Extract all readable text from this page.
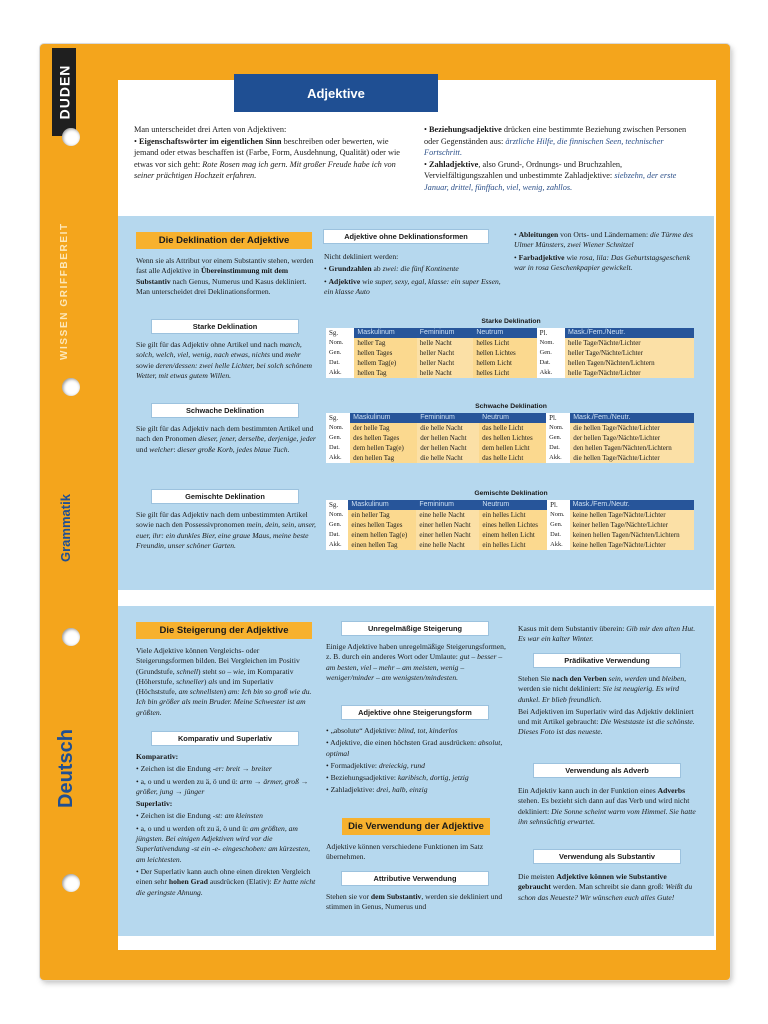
DUDEN
WISSEN GRIFFBEREIT
Grammatik
Deutsch
Adjektive
Man unterscheidet drei Arten von Adjektiven:
• Eigenschaftswörter im eigentlichen Sinn beschreiben oder bewerten, wie jemand oder etwas beschaffen ist (Farbe, Form, Ausdehnung, Qualität) oder wie etwas vor sich geht: Rote Rosen mag ich gern. Mit großer Freude habe ich von seiner prächtigen Hochzeit erfahren.
• Beziehungsadjektive drücken eine bestimmte Beziehung zwischen Personen oder Gegenständen aus: ärztliche Hilfe, die finnischen Seen, technischer Fortschritt.
• Zahladjektive, also Grund-, Ordnungs- und Bruchzahlen, Vervielfältigungszahlen und unbestimmte Zahladjektive: siebzehn, der erste Januar, drittel, fünffach, viel, wenig, zahllos.
Die Deklination der Adjektive
Wenn sie als Attribut vor einem Substantiv stehen, werden fast alle Adjektive in Übereinstimmung mit dem Substantiv nach Genus, Numerus und Kasus dekliniert. Man unterscheidet drei Deklinationsformen.
Adjektive ohne Deklinationsformen

Nicht dekliniert werden:

• Grundzahlen ab zwei: die fünf Kontinente

• Adjektive wie super, sexy, egal, klasse: ein super Essen, ein klasse Auto

• Ableitungen von Orts- und Ländernamen: die Türme des Ulmer Münsters, zwei Wiener Schnitzel

• Farbadjektive wie rosa, lila: Das Geburtstagsgeschenk war in rosa Geschenkpapier gewickelt.

Starke Deklination
Sie gilt für das Adjektiv ohne Artikel und nach manch, solch, welch, viel, wenig, nach etwas, nichts und mehr sowie deren/dessen: zwei helle Lichter, bei solch schönem Wetter, mit etwas gutem Willen.
Starke Deklination
Sg.	Maskulinum	Femininum	Neutrum	Pl.	Mask./Fem./Neutr.
Nom.	heller Tag	helle Nacht	helles Licht	Nom.	helle Tage/Nächte/Lichter
Gen.	hellen Tages	heller Nacht	hellen Lichtes	Gen.	heller Tage/Nächte/Lichter
Dat.	hellem Tag(e)	heller Nacht	hellem Licht	Dat.	hellen Tagen/Nächten/Lichtern
Akk.	hellen Tag	helle Nacht	helles Licht	Akk.	helle Tage/Nächte/Lichter
Schwache Deklination
Sie gilt für das Adjektiv nach dem bestimmten Artikel und nach den Pronomen dieser, jener, derselbe, derjenige, jeder und welcher: dieser große Korb, jedes blaue Tuch.
Schwache Deklination
Sg.	Maskulinum	Femininum	Neutrum	Pl.	Mask./Fem./Neutr.
Nom.	der helle Tag	die helle Nacht	das helle Licht	Nom.	die hellen Tage/Nächte/Lichter
Gen.	des hellen Tages	der hellen Nacht	des hellen Lichtes	Gen.	der hellen Tage/Nächte/Lichter
Dat.	dem hellen Tag(e)	der hellen Nacht	dem hellen Licht	Dat.	den hellen Tagen/Nächten/Lichtern
Akk.	den hellen Tag	die helle Nacht	das helle Licht	Akk.	die hellen Tage/Nächte/Lichter
Gemischte Deklination
Sie gilt für das Adjektiv nach dem unbestimmten Artikel sowie nach den Possessivpronomen mein, dein, sein, unser, euer, ihr: ein dunkles Bier, eine graue Maus, meine beste Freundin, unser schöner Garten.
Gemischte Deklination
Sg.	Maskulinum	Femininum	Neutrum	Pl.	Mask./Fem./Neutr.
Nom.	ein heller Tag	eine helle Nacht	ein helles Licht	Nom.	keine hellen Tage/Nächte/Lichter
Gen.	eines hellen Tages	einer hellen Nacht	eines hellen Lichtes	Gen.	keiner hellen Tage/Nächte/Lichter
Dat.	einem hellen Tag(e)	einer hellen Nacht	einem hellen Licht	Dat.	keinen hellen Tagen/Nächten/Lichtern
Akk.	einen hellen Tag	eine helle Nacht	ein helles Licht	Akk.	keine hellen Tage/Nächte/Lichter
Die Steigerung der Adjektive
Viele Adjektive können Vergleichs- oder Steigerungsformen bilden. Bei Vergleichen im Positiv (Grundstufe, schnell) steht so – wie, im Komparativ (Höherstufe, schneller) als und im Superlativ (Höchststufe, am schnellsten) am: Ich bin so groß wie du. Ich bin größer als mein Bruder. Meine Schwester ist am größten.
Komparativ und Superlativ

Komparativ:

• Zeichen ist die Endung -er: breit → breiter

• a, o und u werden zu ä, ö und ü: arm → ärmer, groß → größer, jung → jünger

Superlativ:

• Zeichen ist die Endung -st: am kleinsten

• a, o und u werden oft zu ä, ö und ü: am größten, am jüngsten. Bei einigen Adjektiven wird vor die Superlativendung -st ein -e- eingeschoben: am kürzesten, am leichtesten.

• Der Superlativ kann auch ohne einen direkten Vergleich einen sehr hohen Grad ausdrücken (Elativ): Er hatte nicht die geringste Ahnung.

Unregelmäßige Steigerung
Einige Adjektive haben unregelmäßige Steigerungsformen, z. B. durch ein anderes Wort oder Umlaute: gut – besser – am besten, viel – mehr – am meisten, wenig – weniger/minder – am wenigsten/mindesten.
Adjektive ohne Steigerungsform

• „absolute“ Adjektive: blind, tot, kinderlos

• Adjektive, die einen höchsten Grad ausdrücken: absolut, optimal

• Formadjektive: dreieckig, rund

• Beziehungsadjektive: karibisch, dortig, jetzig

• Zahladjektive: drei, halb, einzig

Die Verwendung der Adjektive
Adjektive können verschiedene Funktionen im Satz übernehmen.
Attributive Verwendung
Stehen sie vor dem Substantiv, werden sie dekliniert und stimmen in Genus, Numerus und
Kasus mit dem Substantiv überein: Gib mir den alten Hut. Es war ein kalter Winter.
Prädikative Verwendung

Stehen Sie nach den Verben sein, werden und bleiben, werden sie nicht dekliniert: Sie ist neugierig. Es wird dunkel. Er blieb freundlich.

Bei Adjektiven im Superlativ wird das Adjektiv dekliniert und mit Artikel gebraucht: Die Weststaste ist die schönste. Dieses Foto ist das neueste.

Verwendung als Adverb
Ein Adjektiv kann auch in der Funktion eines Adverbs stehen. Es bezieht sich dann auf das Verb und wird nicht dekliniert: Die Sonne scheint warm vom Himmel. Sie hatte ihn sehnsüchtig erwartet.
Verwendung als Substantiv
Die meisten Adjektive können wie Substantive gebraucht werden. Man schreibt sie dann groß: Weißt du schon das Neueste? Wir wünschen euch alles Gute!
